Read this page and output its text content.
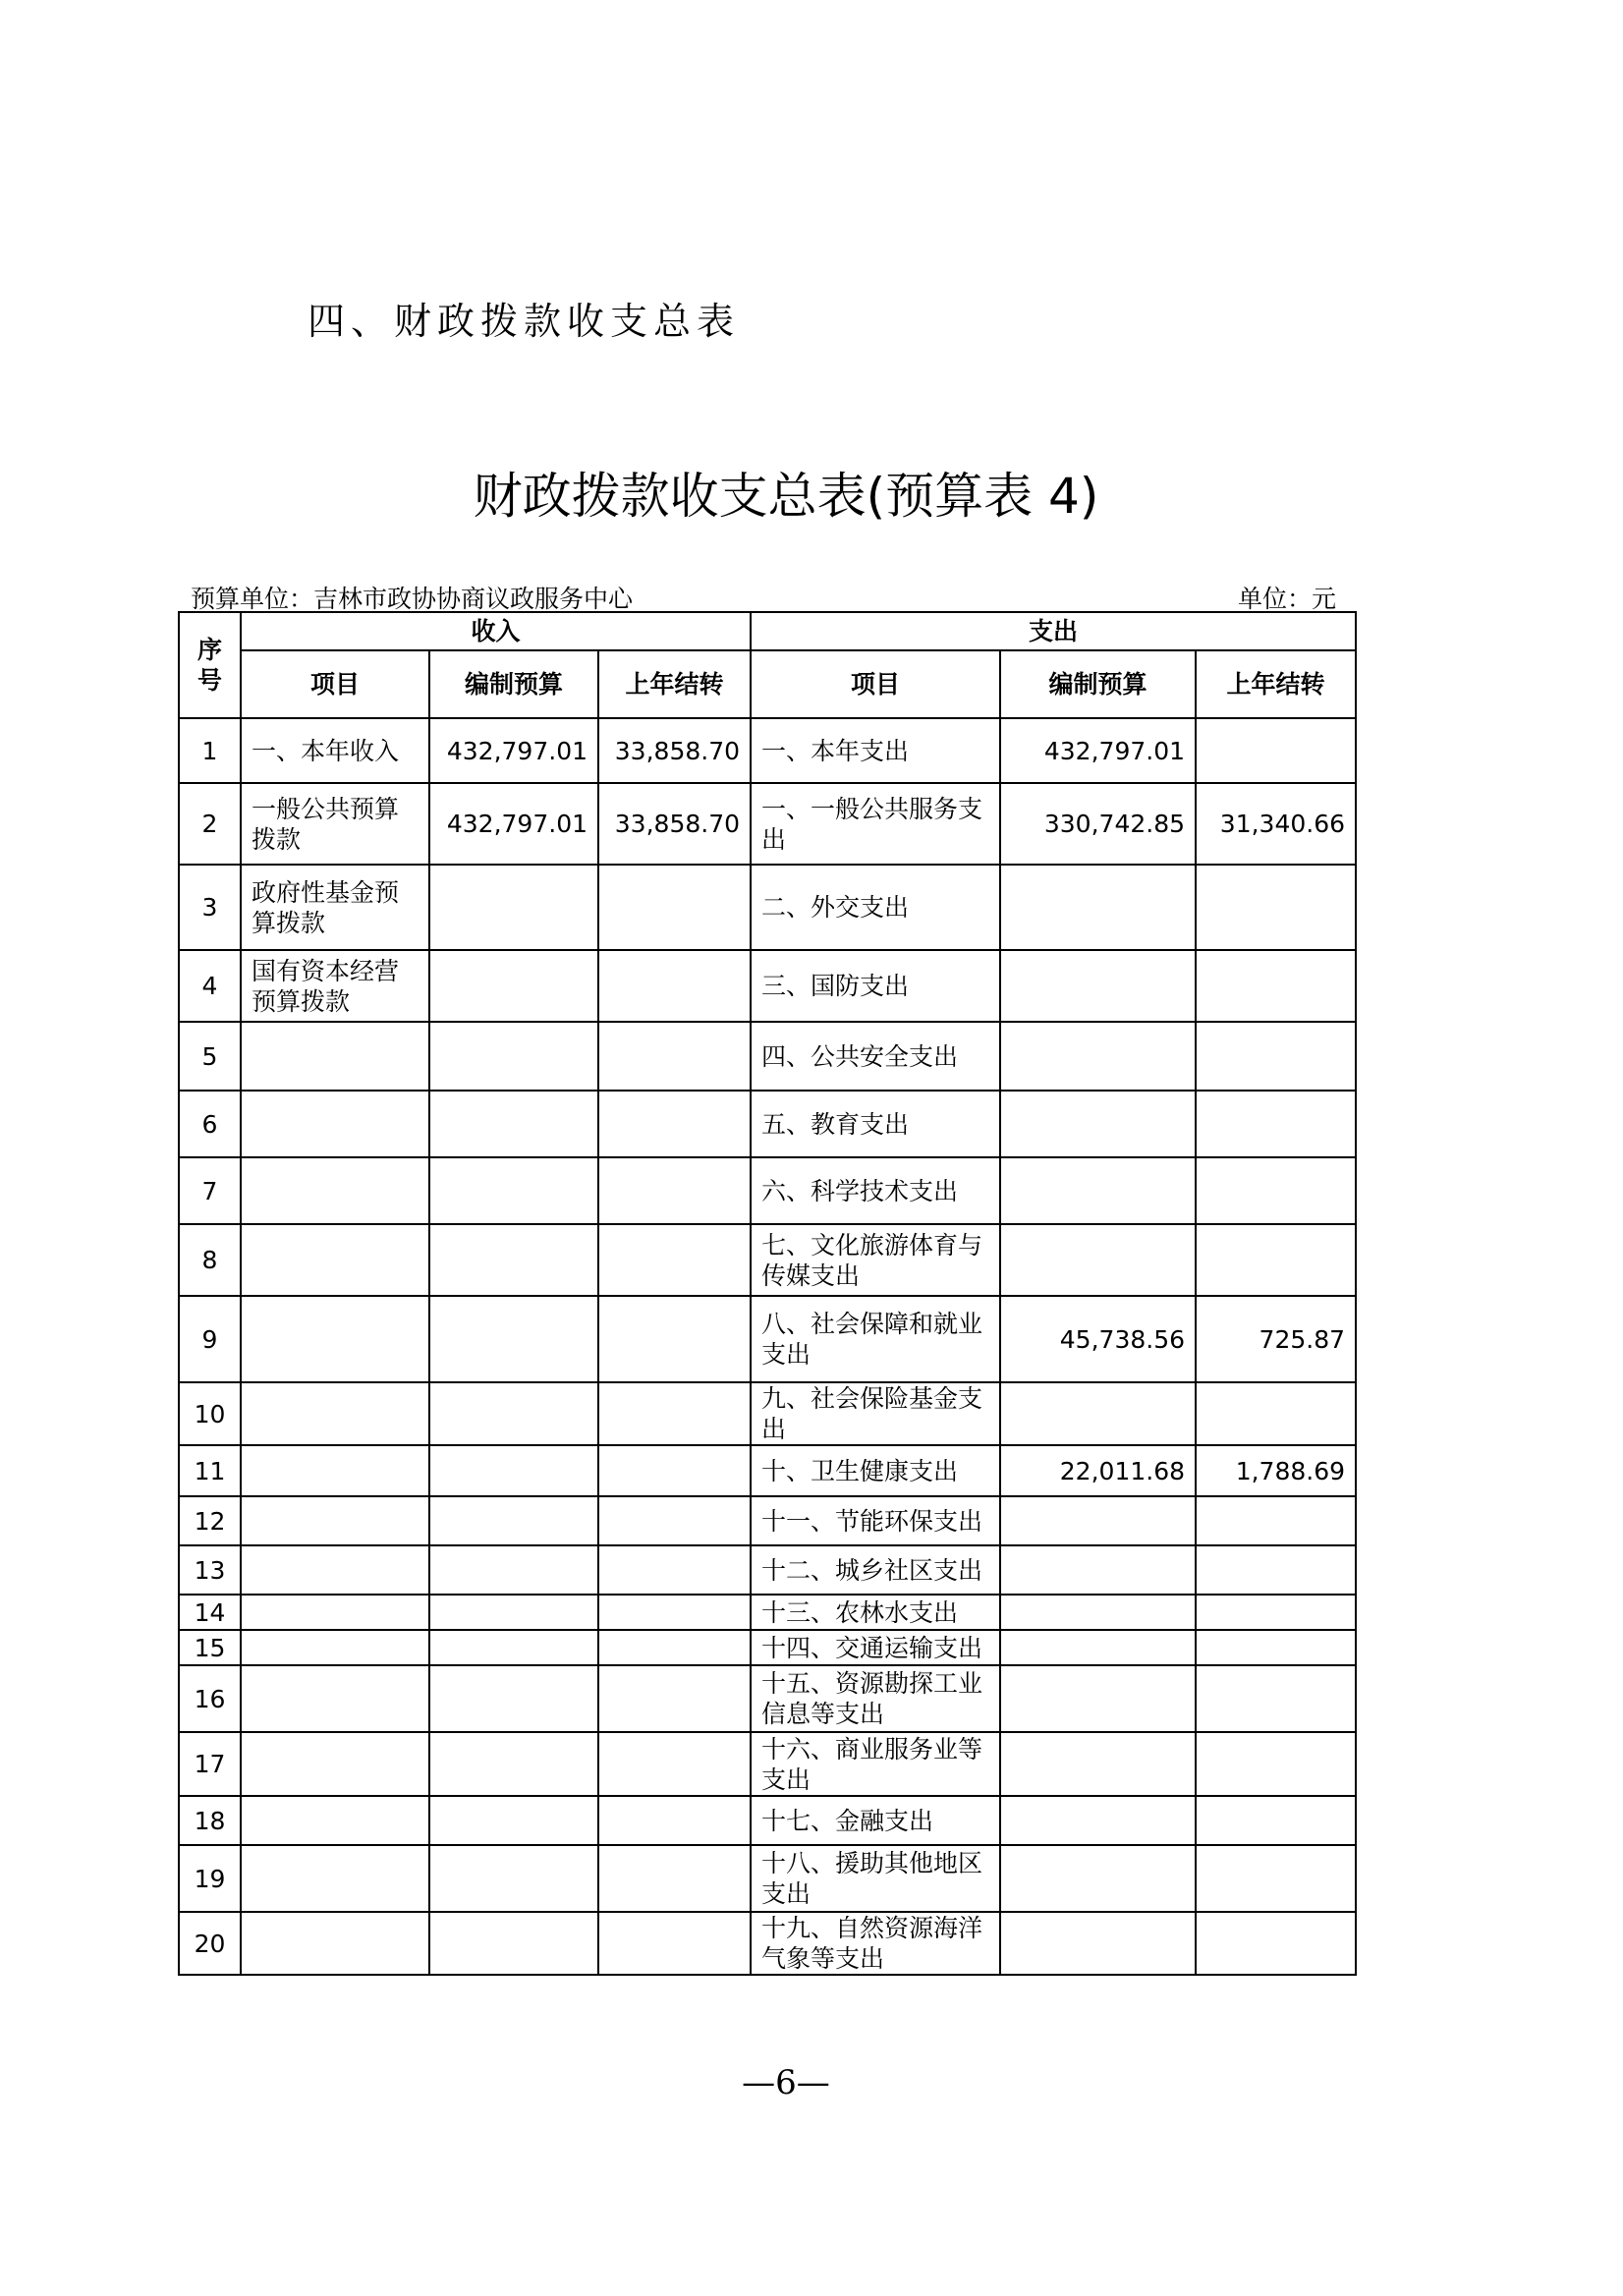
四、财政拨款收支总表
财政拨款收支总表(预算表 4)
预算单位：吉林市政协协商议政服务中心	单位：元
序号	收入			支出		
	项目	编制预算	上年结转	项目	编制预算	上年结转
1	一、本年收入	432,797.01	33,858.70	一、本年支出	432,797.01	
2	一般公共预算拨款	432,797.01	33,858.70	一、一般公共服务支出	330,742.85	31,340.66
3	政府性基金预算拨款			二、外交支出		
4	国有资本经营预算拨款			三、国防支出		
5				四、公共安全支出		
6				五、教育支出		
7				六、科学技术支出		
8				七、文化旅游体育与传媒支出		
9				八、社会保障和就业支出	45,738.56	725.87
10				九、社会保险基金支出		
11				十、卫生健康支出	22,011.68	1,788.69
12				十一、节能环保支出		
13				十二、城乡社区支出		
14				十三、农林水支出		
15				十四、交通运输支出		
16				十五、资源勘探工业信息等支出		
17				十六、商业服务业等支出		
18				十七、金融支出		
19				十八、援助其他地区支出		
20				十九、自然资源海洋气象等支出		
—6—
